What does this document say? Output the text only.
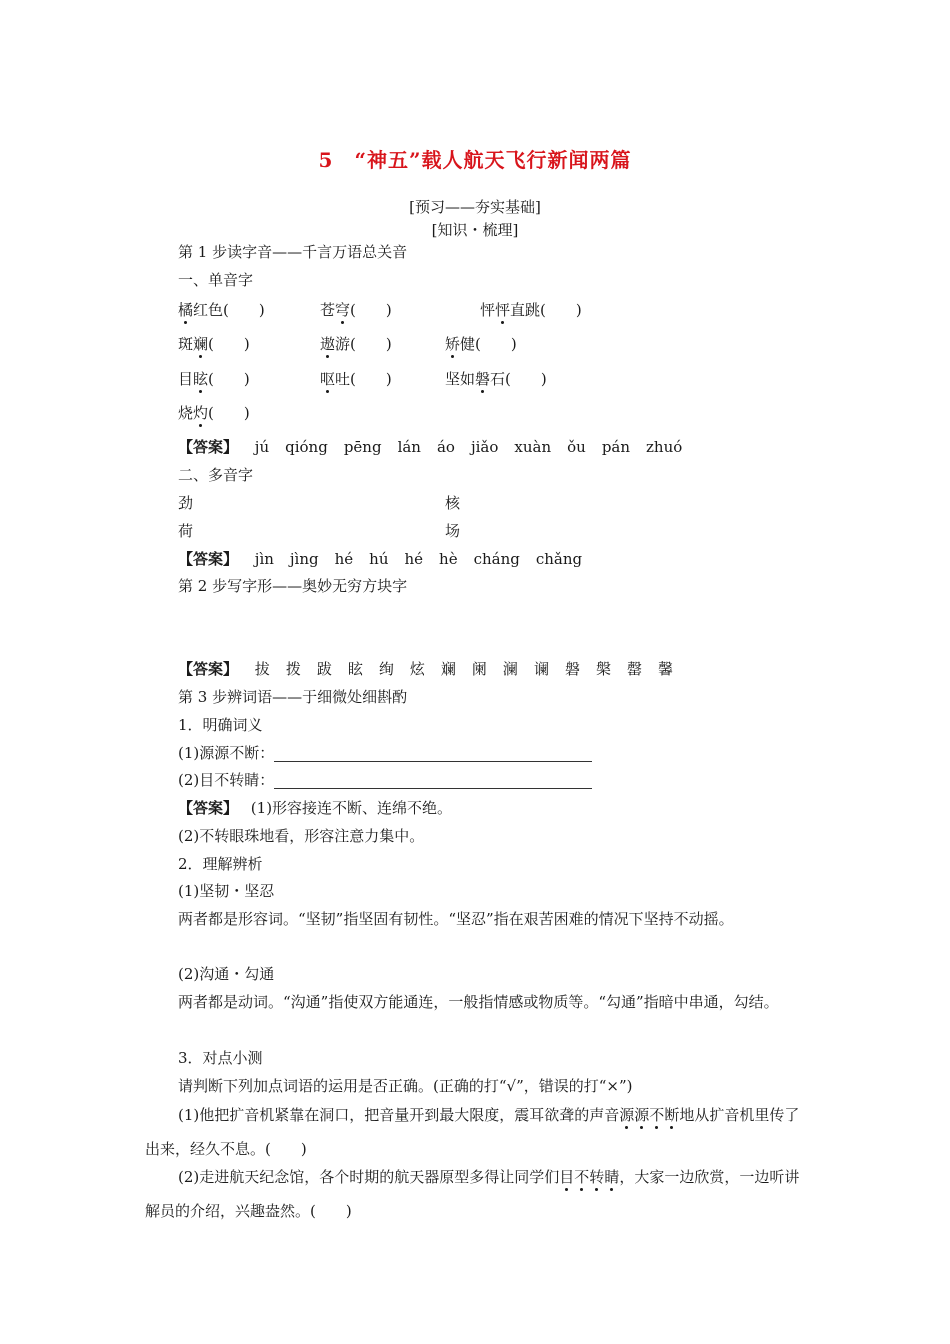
5　“神五”载人航天飞行新闻两篇
[预习——夯实基础]
[知识・梳理]
第 1 步读字音——千言万语总关音
一、单音字
橘红色(　　)	苍穹(　　)	怦怦直跳(　　)
斑斓(　　)	遨游(　　)	矫健(　　)
目眩(　　)	呕吐(　　)	坚如磐石(　　)
烧灼(　　)
【答案】 jú qióng pēng lán áo jiǎo xuàn ǒu pán zhuó
二、多音字
劲	核
荷	场
【答案】 jìn jìng hé hú hé hè cháng chǎng
第 2 步写字形——奥妙无穷方块字
【答案】 拔 拨 跋 眩 绚 炫 斓 阑 澜 谰 磐 槃 罄 馨
第 3 步辨词语——于细微处细斟酌
1．明确词义
(1)源源不断：
(2)目不转睛：
【答案】 (1)形容接连不断、连绵不绝。
(2)不转眼珠地看，形容注意力集中。
2．理解辨析
(1)坚韧・坚忍
两者都是形容词。“坚韧”指坚固有韧性。“坚忍”指在艰苦困难的情况下坚持不动摇。
(2)沟通・勾通
两者都是动词。“沟通”指使双方能通连，一般指情感或物质等。“勾通”指暗中串通，勾结。
3．对点小测
请判断下列加点词语的运用是否正确。(正确的打“√”，错误的打“×”)
(1)他把扩音机紧靠在洞口，把音量开到最大限度，震耳欲聋的声音源源不断地从扩音机里传了出来，经久不息。(　　)
(2)走进航天纪念馆，各个时期的航天器原型多得让同学们目不转睛，大家一边欣赏，一边听讲解员的介绍，兴趣盎然。(　　)
